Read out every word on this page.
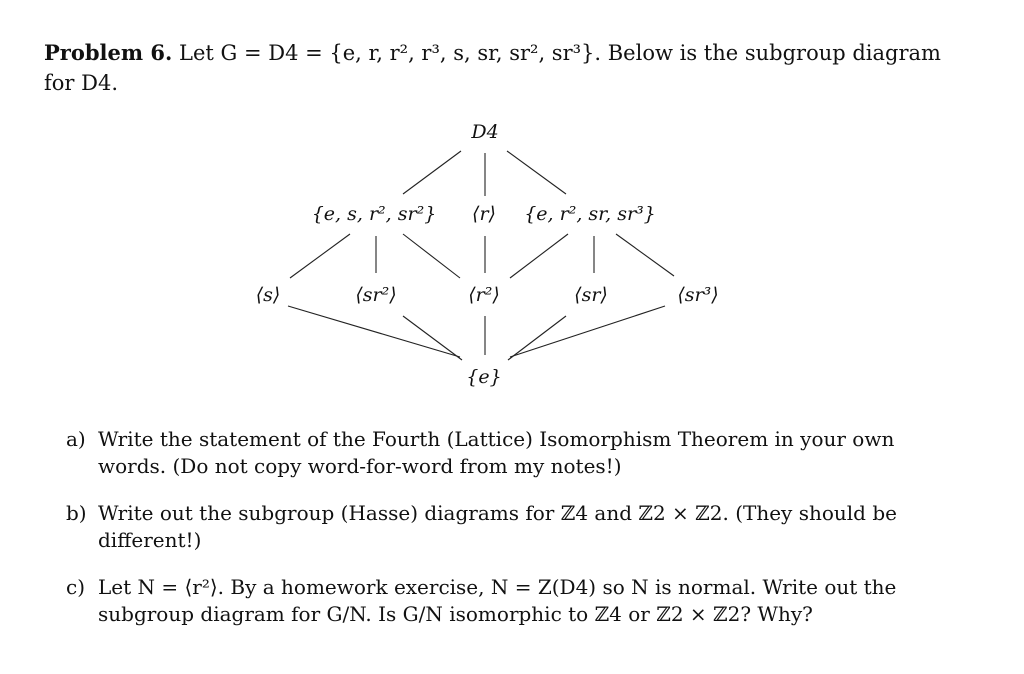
Problem 6. Let G = D4 = {e, r, r², r³, s, sr, sr², sr³}. Below is the subgroup diagram for D4.
D4
{e, s, r², sr²} ⟨r⟩ {e, r², sr, sr³}
⟨s⟩	⟨sr²⟩	⟨r²⟩	⟨sr⟩	⟨sr³⟩
{e}
a) Write the statement of the Fourth (Lattice) Isomorphism Theorem in your own words. (Do not copy word-for-word from my notes!)
b) Write out the subgroup (Hasse) diagrams for ℤ4 and ℤ2 × ℤ2. (They should be different!)
c) Let N = ⟨r²⟩. By a homework exercise, N = Z(D4) so N is normal. Write out the subgroup diagram for G/N. Is G/N isomorphic to ℤ4 or ℤ2 × ℤ2? Why?
